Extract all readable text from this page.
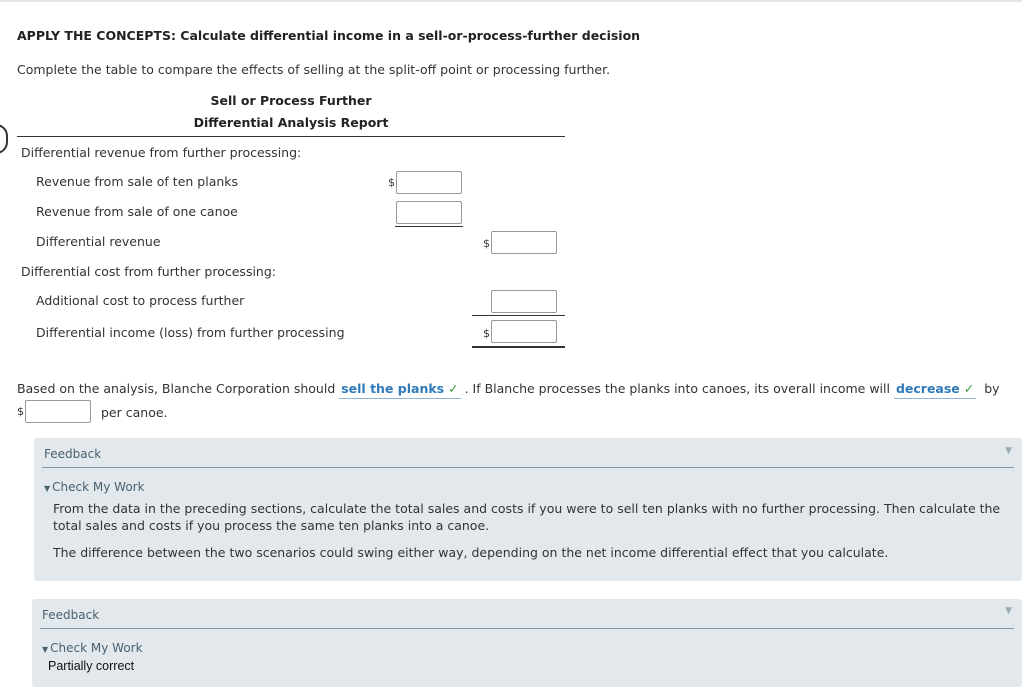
APPLY THE CONCEPTS: Calculate differential income in a sell-or-process-further decision
Complete the table to compare the effects of selling at the split-off point or processing further.
Sell or Process Further
Differential Analysis Report
Differential revenue from further processing:
Revenue from sale of ten planks	$
Revenue from sale of one canoe
Differential revenue	$
Differential cost from further processing:
Additional cost to process further
Differential income (loss) from further processing	$
Based on the analysis, Blanche Corporation should sell the planks ✓ . If Blanche processes the planks into canoes, its overall income will decrease ✓ by
$	per canoe.
Feedback	▼
▼ Check My Work
From the data in the preceding sections, calculate the total sales and costs if you were to sell ten planks with no further processing. Then calculate the total sales and costs if you process the same ten planks into a canoe.
The difference between the two scenarios could swing either way, depending on the net income differential effect that you calculate.
Feedback	▼
▼ Check My Work
Partially correct
